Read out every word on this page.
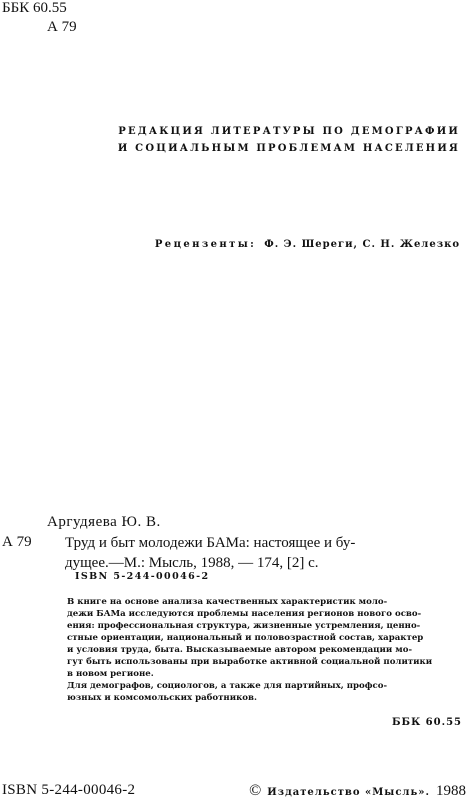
ББК 60.55
А 79
РЕДАКЦИЯ ЛИТЕРАТУРЫ ПО ДЕМОГРАФИИ
И СОЦИАЛЬНЫМ ПРОБЛЕМАМ НАСЕЛЕНИЯ
Рецензенты: Ф. Э. Шереги, С. Н. Железко
Аргудяева Ю. В.
А 79 Труд и быт молодежи БАМа: настоящее и бу-
дущее.—М.: Мысль, 1988, — 174, [2] с.
ISBN 5-244-00046-2

В книге на основе анализа качественных характеристик моло-
дежи БАМа исследуются проблемы населения регионов нового осво-
ения: профессиональная структура, жизненные устремления, ценно-
стные ориентации, национальный и половозрастной состав, характер
и условия труда, быта. Высказываемые автором рекомендации мо-
гут быть использованы при выработке активной социальной политики
в новом регионе.

Для демографов, социологов, а также для партийных, профсо-
юзных и комсомольских работников.

ББК 60.55
ISBN 5-244-00046-2	© Издательство «Мысль». 1988
